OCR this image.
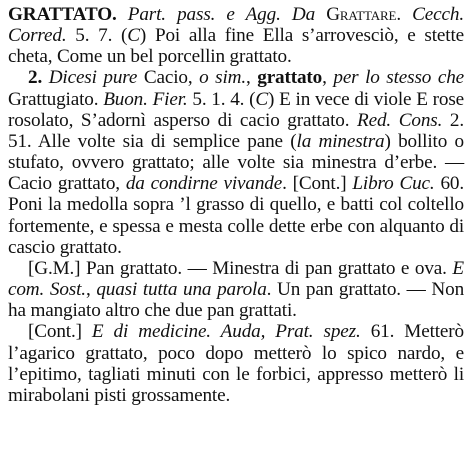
GRATTATO. Part. pass. e Agg. Da Grattare. Cecch. Corred. 5. 7. (C) Poi alla fine Ella s’arrovesciò, e stette cheta, Come un bel porcellin grattato.

2. Dicesi pure Cacio, o sim., grattato, per lo stesso che Grattugiato. Buon. Fier. 5. 1. 4. (C) E in vece di viole E rose rosolato, S’adornì asperso di cacio grattato. Red. Cons. 2. 51. Alle volte sia di semplice pane (la minestra) bollito o stufato, ovvero grattato; alle volte sia minestra d’erbe. — Cacio grattato, da condirne vivande. [Cont.] Libro Cuc. 60. Poni la medolla sopra ’l grasso di quello, e batti col coltello fortemente, e spessa e mesta colle dette erbe con alquanto di cascio grattato.

[G.M.] Pan grattato. — Minestra di pan grattato e ova. E com. Sost., quasi tutta una parola. Un pan grattato. — Non ha mangiato altro che due pan grattati.

[Cont.] E di medicine. Auda, Prat. spez. 61. Metterò l’agarico grattato, poco dopo metterò lo spico nardo, e l’epitimo, tagliati minuti con le forbici, appresso metterò li mirabolani pisti grossamente.
